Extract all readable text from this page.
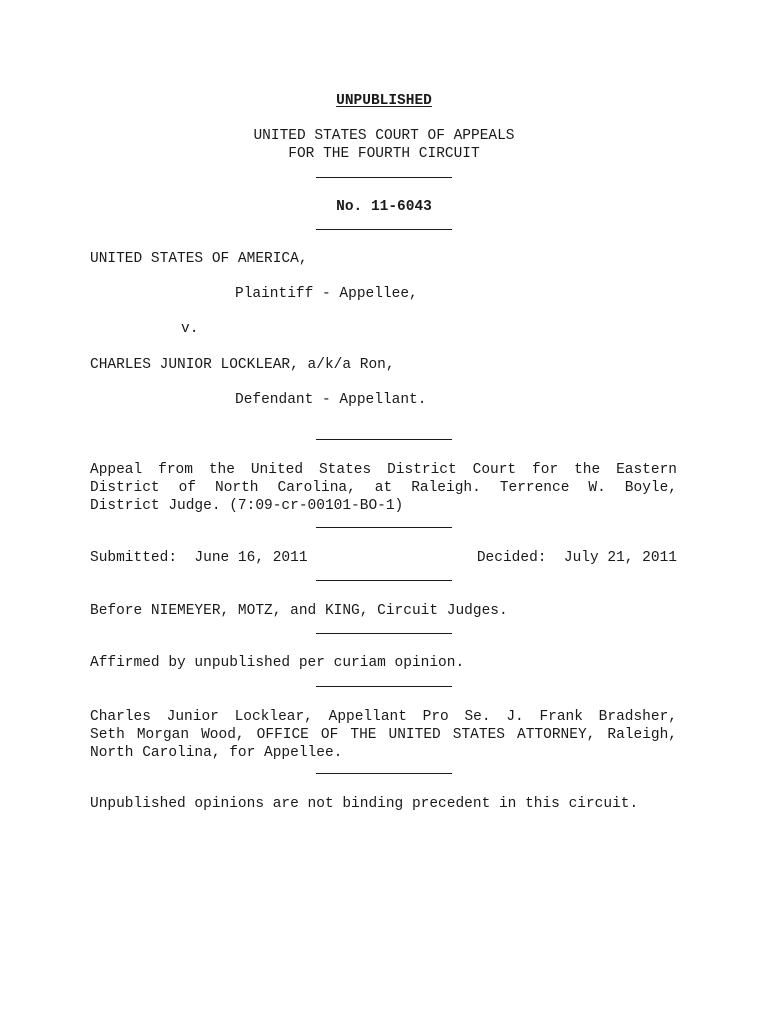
UNPUBLISHED
UNITED STATES COURT OF APPEALS
FOR THE FOURTH CIRCUIT
No. 11-6043
UNITED STATES OF AMERICA,
Plaintiff - Appellee,
v.
CHARLES JUNIOR LOCKLEAR, a/k/a Ron,
Defendant - Appellant.
Appeal from the United States District Court for the Eastern
District of North Carolina, at Raleigh. Terrence W. Boyle,
District Judge. (7:09-cr-00101-BO-1)
Submitted:  June 16, 2011	Decided:  July 21, 2011
Before NIEMEYER, MOTZ, and KING, Circuit Judges.
Affirmed by unpublished per curiam opinion.
Charles Junior Locklear, Appellant Pro Se. J. Frank Bradsher,
Seth Morgan Wood, OFFICE OF THE UNITED STATES ATTORNEY, Raleigh,
North Carolina, for Appellee.
Unpublished opinions are not binding precedent in this circuit.
